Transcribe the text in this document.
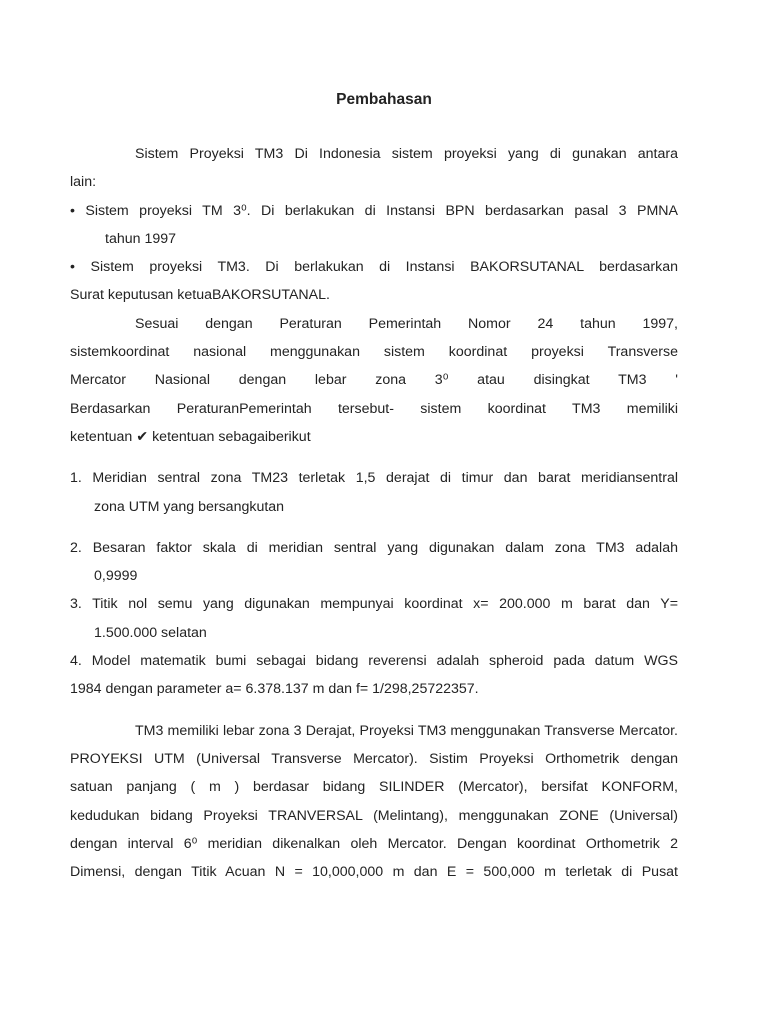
Pembahasan
Sistem Proyeksi TM3 Di Indonesia sistem proyeksi yang di gunakan antara
lain:
• Sistem proyeksi TM 3⁰. Di berlakukan di Instansi BPN berdasarkan pasal 3 PMNA
tahun 1997
• Sistem proyeksi TM3. Di berlakukan di Instansi BAKORSUTANAL berdasarkan
Surat keputusan ketuaBAKORSUTANAL.
Sesuai dengan Peraturan Pemerintah Nomor 24 tahun 1997,
sistemkoordinat nasional menggunakan sistem koordinat proyeksi Transverse
Mercator Nasional dengan lebar zona 3⁰ atau disingkat TM3 '
Berdasarkan PeraturanPemerintah tersebut- sistem koordinat TM3 memiliki
ketentuan ✔ ketentuan sebagaiberikut
1. Meridian sentral zona TM23 terletak 1,5 derajat di timur dan barat meridiansentral
zona UTM yang bersangkutan
2. Besaran faktor skala di meridian sentral yang digunakan dalam zona TM3 adalah
0,9999
3. Titik nol semu yang digunakan mempunyai koordinat x= 200.000 m barat dan Y=
1.500.000 selatan
4. Model matematik bumi sebagai bidang reverensi adalah spheroid pada datum WGS
1984 dengan parameter a= 6.378.137 m dan f= 1/298,25722357.
TM3 memiliki lebar zona 3 Derajat, Proyeksi TM3 menggunakan Transverse Mercator.
PROYEKSI UTM (Universal Transverse Mercator). Sistim Proyeksi Orthometrik dengan
satuan panjang ( m ) berdasar bidang SILINDER (Mercator), bersifat KONFORM,
kedudukan bidang Proyeksi TRANVERSAL (Melintang), menggunakan ZONE (Universal)
dengan interval 6⁰ meridian dikenalkan oleh Mercator. Dengan koordinat Orthometrik 2
Dimensi, dengan Titik Acuan N = 10,000,000 m dan E = 500,000 m terletak di Pusat
